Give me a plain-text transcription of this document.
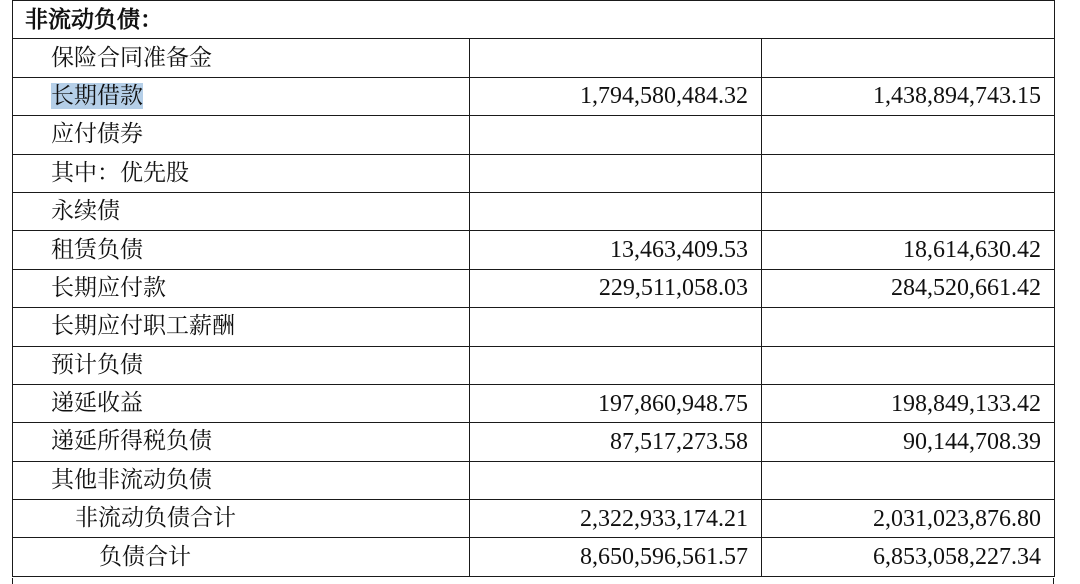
非流动负债：		
保险合同准备金		
长期借款	1,794,580,484.32	1,438,894,743.15
应付债券		
其中：优先股		
永续债		
租赁负债	13,463,409.53	18,614,630.42
长期应付款	229,511,058.03	284,520,661.42
长期应付职工薪酬		
预计负债		
递延收益	197,860,948.75	198,849,133.42
递延所得税负债	87,517,273.58	90,144,708.39
其他非流动负债		
非流动负债合计	2,322,933,174.21	2,031,023,876.80
负债合计	8,650,596,561.57	6,853,058,227.34
